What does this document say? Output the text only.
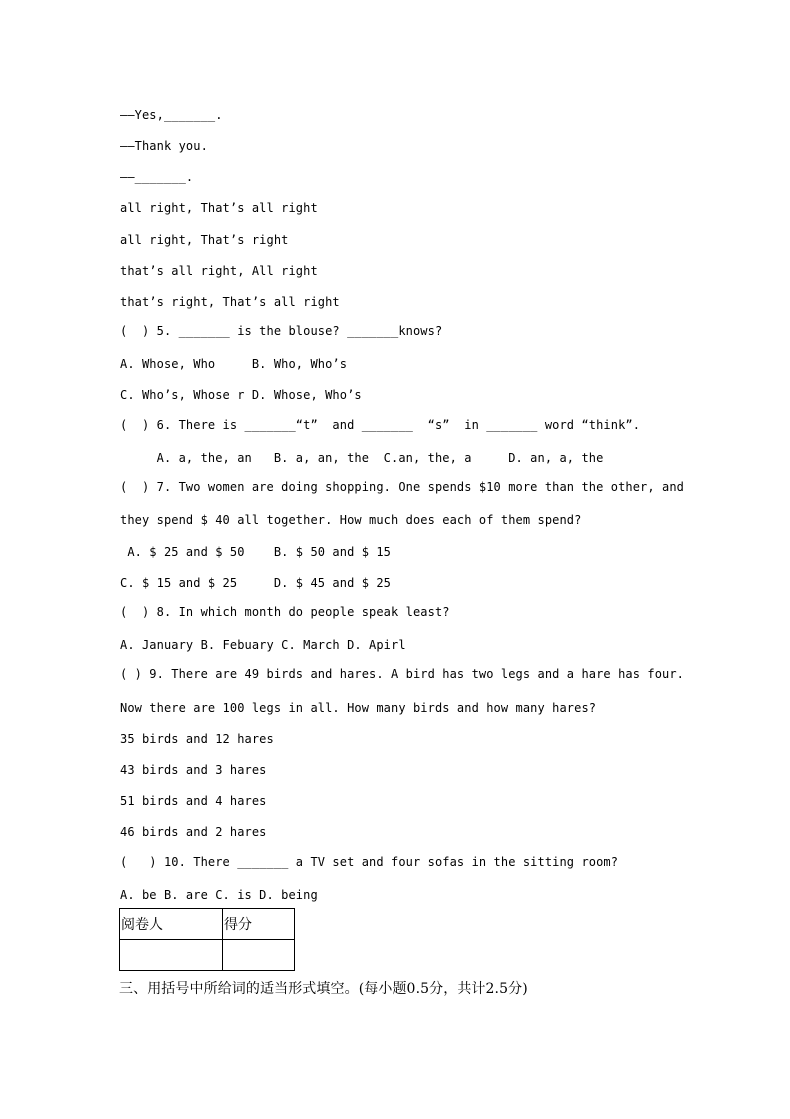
——Yes,_______.
——Thank you.
——_______.
all right, That’s all right
all right, That’s right
that’s all right, All right
that’s right, That’s all right
(  ) 5. _______ is the blouse? _______knows?
A. Whose, Who     B. Who, Who’s
C. Who’s, Whose r D. Whose, Who’s
(  ) 6. There is _______“t”  and _______  “s”  in _______ word “think”.
A. a, the, an   B. a, an, the  C.an, the, a     D. an, a, the
(  ) 7. Two women are doing shopping. One spends $10 more than the other, and
they spend $ 40 all together. How much does each of them spend?
A. $ 25 and $ 50    B. $ 50 and $ 15
C. $ 15 and $ 25     D. $ 45 and $ 25
(  ) 8. In which month do people speak least?
A. January B. Febuary C. March D. Apirl
( ) 9. There are 49 birds and hares. A bird has two legs and a hare has four.
Now there are 100 legs in all. How many birds and how many hares?
35 birds and 12 hares
43 birds and 3 hares
51 birds and 4 hares
46 birds and 2 hares
(   ) 10. There _______ a TV set and four sofas in the sitting room?
A. be B. are C. is D. being
阅卷人	得分

三、用括号中所给词的适当形式填空。(每小题0.5分，共计2.5分)
